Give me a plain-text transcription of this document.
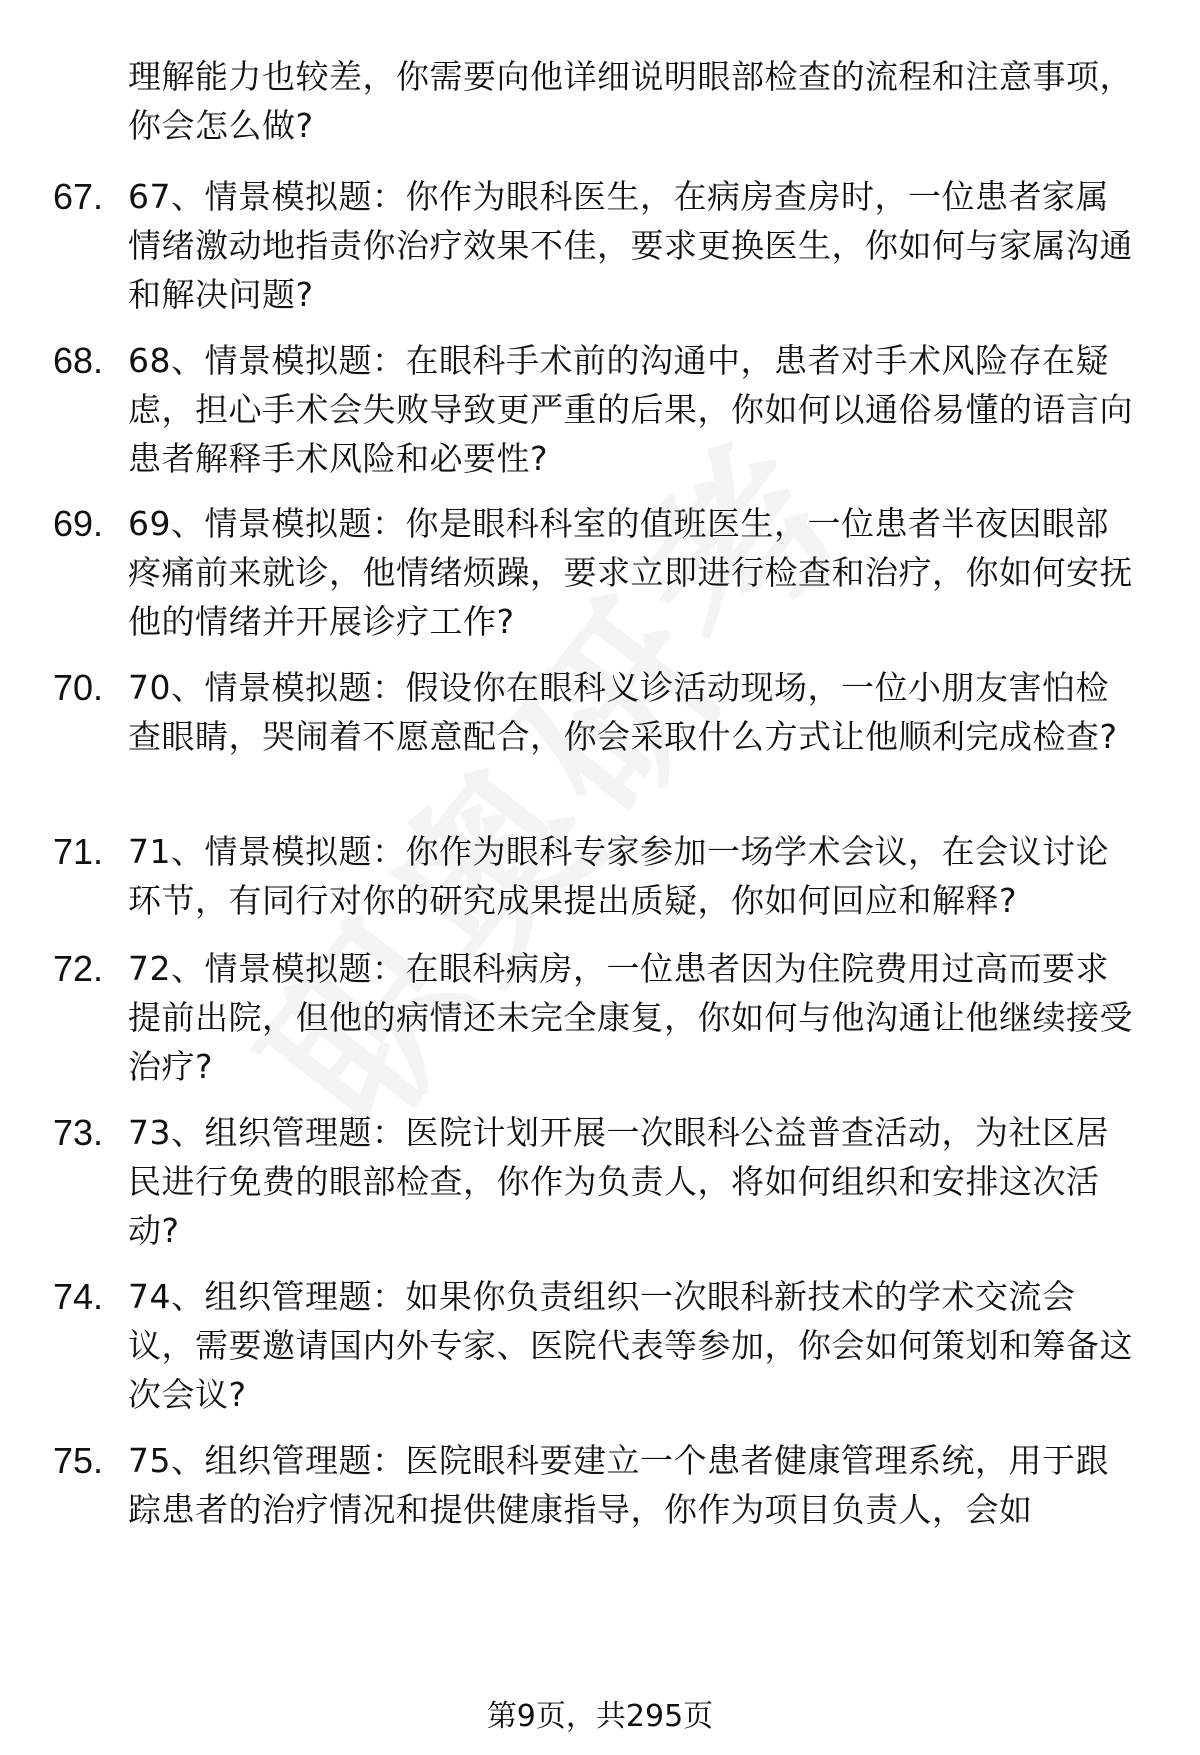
理解能力也较差，你需要向他详细说明眼部检查的流程和注意事项，你会怎么做?
67. 67、情景模拟题：你作为眼科医生，在病房查房时，一位患者家属情绪激动地指责你治疗效果不佳，要求更换医生，你如何与家属沟通和解决问题?
68. 68、情景模拟题：在眼科手术前的沟通中，患者对手术风险存在疑虑，担心手术会失败导致更严重的后果，你如何以通俗易懂的语言向患者解释手术风险和必要性?
69. 69、情景模拟题：你是眼科科室的值班医生，一位患者半夜因眼部疼痛前来就诊，他情绪烦躁，要求立即进行检查和治疗，你如何安抚他的情绪并开展诊疗工作?
70. 70、情景模拟题：假设你在眼科义诊活动现场，一位小朋友害怕检查眼睛，哭闹着不愿意配合，你会采取什么方式让他顺利完成检查?
71. 71、情景模拟题：你作为眼科专家参加一场学术会议，在会议讨论环节，有同行对你的研究成果提出质疑，你如何回应和解释?
72. 72、情景模拟题：在眼科病房，一位患者因为住院费用过高而要求提前出院，但他的病情还未完全康复，你如何与他沟通让他继续接受治疗?
73. 73、组织管理题：医院计划开展一次眼科公益普查活动，为社区居民进行免费的眼部检查，你作为负责人，将如何组织和安排这次活动?
74. 74、组织管理题：如果你负责组织一次眼科新技术的学术交流会议，需要邀请国内外专家、医院代表等参加，你会如何策划和筹备这次会议?
75. 75、组织管理题：医院眼科要建立一个患者健康管理系统，用于跟踪患者的治疗情况和提供健康指导，你作为项目负责人，会如
第9页，共295页
